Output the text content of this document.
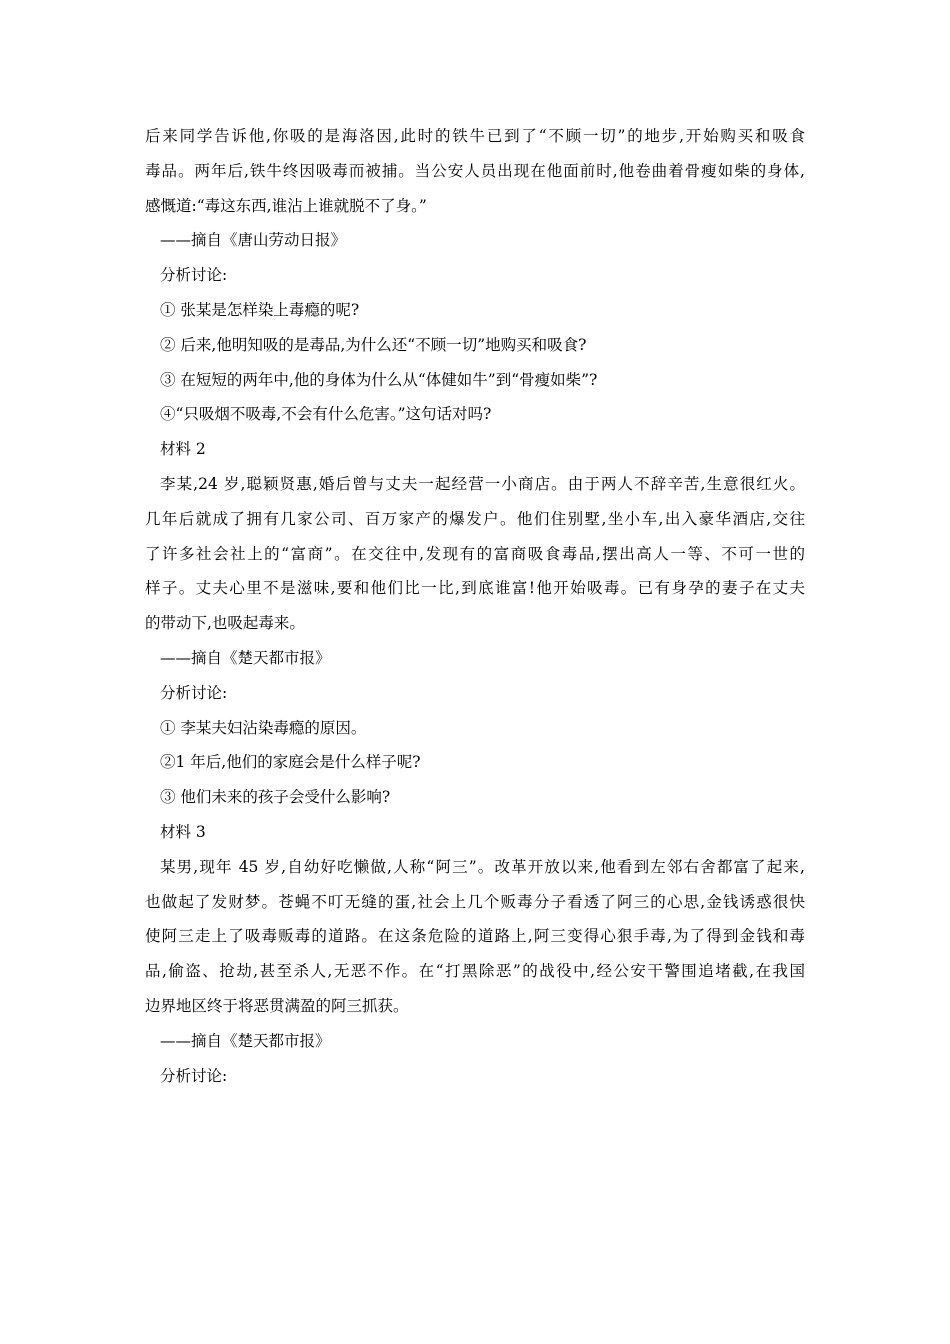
后来同学告诉他,你吸的是海洛因,此时的铁牛已到了“不顾一切”的地步,开始购买和吸食
毒品。两年后,铁牛终因吸毒而被捕。当公安人员出现在他面前时,他卷曲着骨瘦如柴的身体,
感慨道:“毒这东西,谁沾上谁就脱不了身。”
——摘自《唐山劳动日报》
分析讨论:
① 张某是怎样染上毒瘾的呢?
② 后来,他明知吸的是毒品,为什么还“不顾一切”地购买和吸食?
③ 在短短的两年中,他的身体为什么从“体健如牛”到“骨瘦如柴”?
④“只吸烟不吸毒,不会有什么危害。”这句话对吗?
材料 2
李某,24 岁,聪颖贤惠,婚后曾与丈夫一起经营一小商店。由于两人不辞辛苦,生意很红火。
几年后就成了拥有几家公司、百万家产的爆发户。他们住别墅,坐小车,出入豪华酒店,交往
了许多社会社上的“富商”。在交往中,发现有的富商吸食毒品,摆出高人一等、不可一世的
样子。丈夫心里不是滋味,要和他们比一比,到底谁富!他开始吸毒。已有身孕的妻子在丈夫
的带动下,也吸起毒来。
——摘自《楚天都市报》
分析讨论:
① 李某夫妇沾染毒瘾的原因。
②1 年后,他们的家庭会是什么样子呢?
③ 他们未来的孩子会受什么影响?
材料 3
某男,现年 45 岁,自幼好吃懒做,人称“阿三”。改革开放以来,他看到左邻右舍都富了起来,
也做起了发财梦。苍蝇不叮无缝的蛋,社会上几个贩毒分子看透了阿三的心思,金钱诱惑很快
使阿三走上了吸毒贩毒的道路。在这条危险的道路上,阿三变得心狠手毒,为了得到金钱和毒
品,偷盗、抢劫,甚至杀人,无恶不作。在“打黑除恶”的战役中,经公安干警围追堵截,在我国
边界地区终于将恶贯满盈的阿三抓获。
——摘自《楚天都市报》
分析讨论:
